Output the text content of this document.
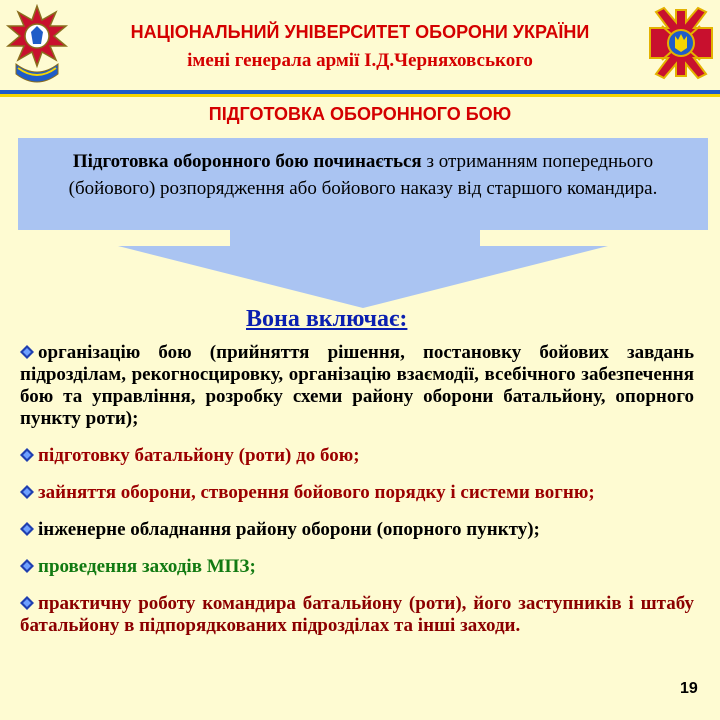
НАЦІОНАЛЬНИЙ УНІВЕРСИТЕТ ОБОРОНИ УКРАЇНИ
імені генерала армії І.Д.Черняховського
ПІДГОТОВКА ОБОРОННОГО БОЮ
Підготовка оборонного бою починається з отриманням попереднього (бойового) розпорядження або бойового наказу від старшого командира.
Вона включає:

організацію бою (прийняття рішення, постановку бойових завдань підрозділам, рекогносцировку, організацію взаємодії, всебічного забезпечення бою та управління, розробку схеми району оборони батальйону, опорного пункту роти);

підготовку батальйону (роти) до бою;

зайняття оборони, створення бойового порядку і системи вогню;

інженерне обладнання району оборони (опорного пункту);

проведення заходів МПЗ;

практичну роботу командира батальйону (роти), його заступників і штабу батальйону в підпорядкованих підрозділах та інші заходи.

19
